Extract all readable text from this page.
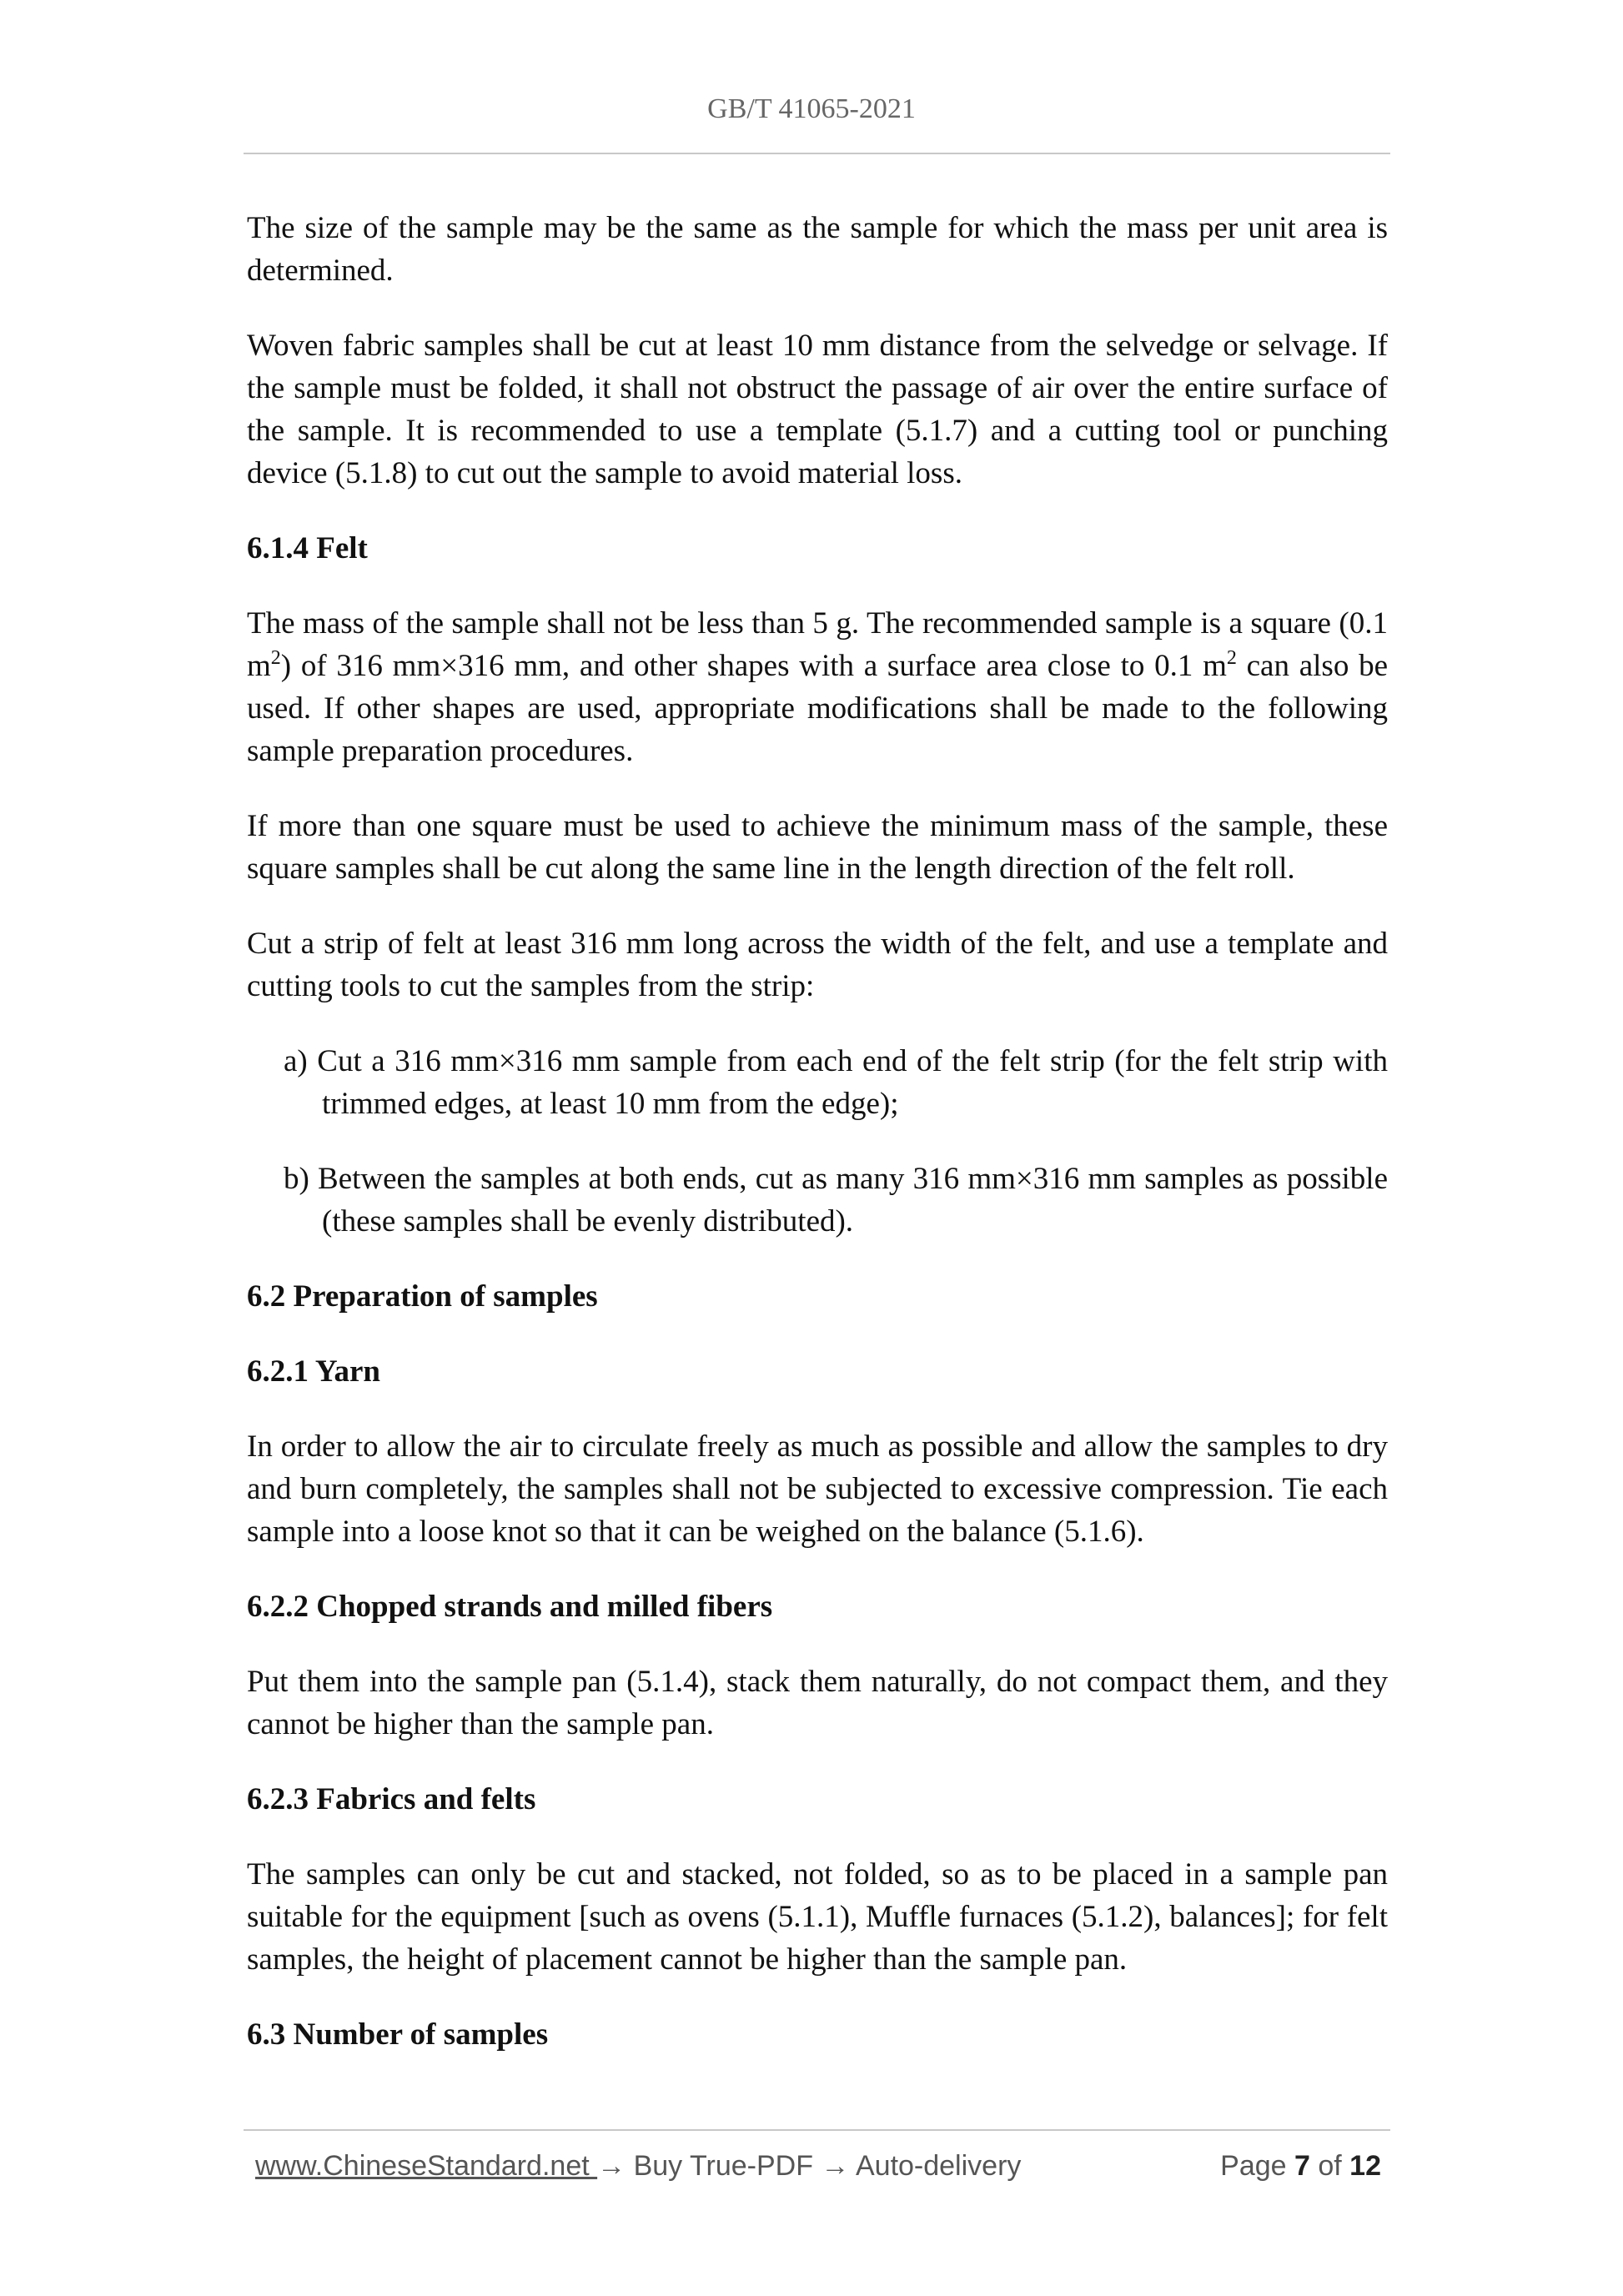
GB/T 41065-2021

The size of the sample may be the same as the sample for which the mass per unit area is determined.

Woven fabric samples shall be cut at least 10 mm distance from the selvedge or selvage. If the sample must be folded, it shall not obstruct the passage of air over the entire surface of the sample. It is recommended to use a template (5.1.7) and a cutting tool or punching device (5.1.8) to cut out the sample to avoid material loss.

6.1.4 Felt

The mass of the sample shall not be less than 5 g. The recommended sample is a square (0.1 $m^2$) of 316 mm×316 mm, and other shapes with a surface area close to 0.1 $m^2$ can also be used. If other shapes are used, appropriate modifications shall be made to the following sample preparation procedures.

If more than one square must be used to achieve the minimum mass of the sample, these square samples shall be cut along the same line in the length direction of the felt roll.

Cut a strip of felt at least 316 mm long across the width of the felt, and use a template and cutting tools to cut the samples from the strip:

a) Cut a 316 mm×316 mm sample from each end of the felt strip (for the felt strip with trimmed edges, at least 10 mm from the edge);
b) Between the samples at both ends, cut as many 316 mm×316 mm samples as possible (these samples shall be evenly distributed).
6.2 Preparation of samples
6.2.1 Yarn

In order to allow the air to circulate freely as much as possible and allow the samples to dry and burn completely, the samples shall not be subjected to excessive compression. Tie each sample into a loose knot so that it can be weighed on the balance (5.1.6).

6.2.2 Chopped strands and milled fibers

Put them into the sample pan (5.1.4), stack them naturally, do not compact them, and they cannot be higher than the sample pan.

6.2.3 Fabrics and felts

The samples can only be cut and stacked, not folded, so as to be placed in a sample pan suitable for the equipment [such as ovens (5.1.1), Muffle furnaces (5.1.2), balances]; for felt samples, the height of placement cannot be higher than the sample pan.

6.3 Number of samples
www.ChineseStandard.net → Buy True-PDF → Auto-delivery	Page 7 of 12
